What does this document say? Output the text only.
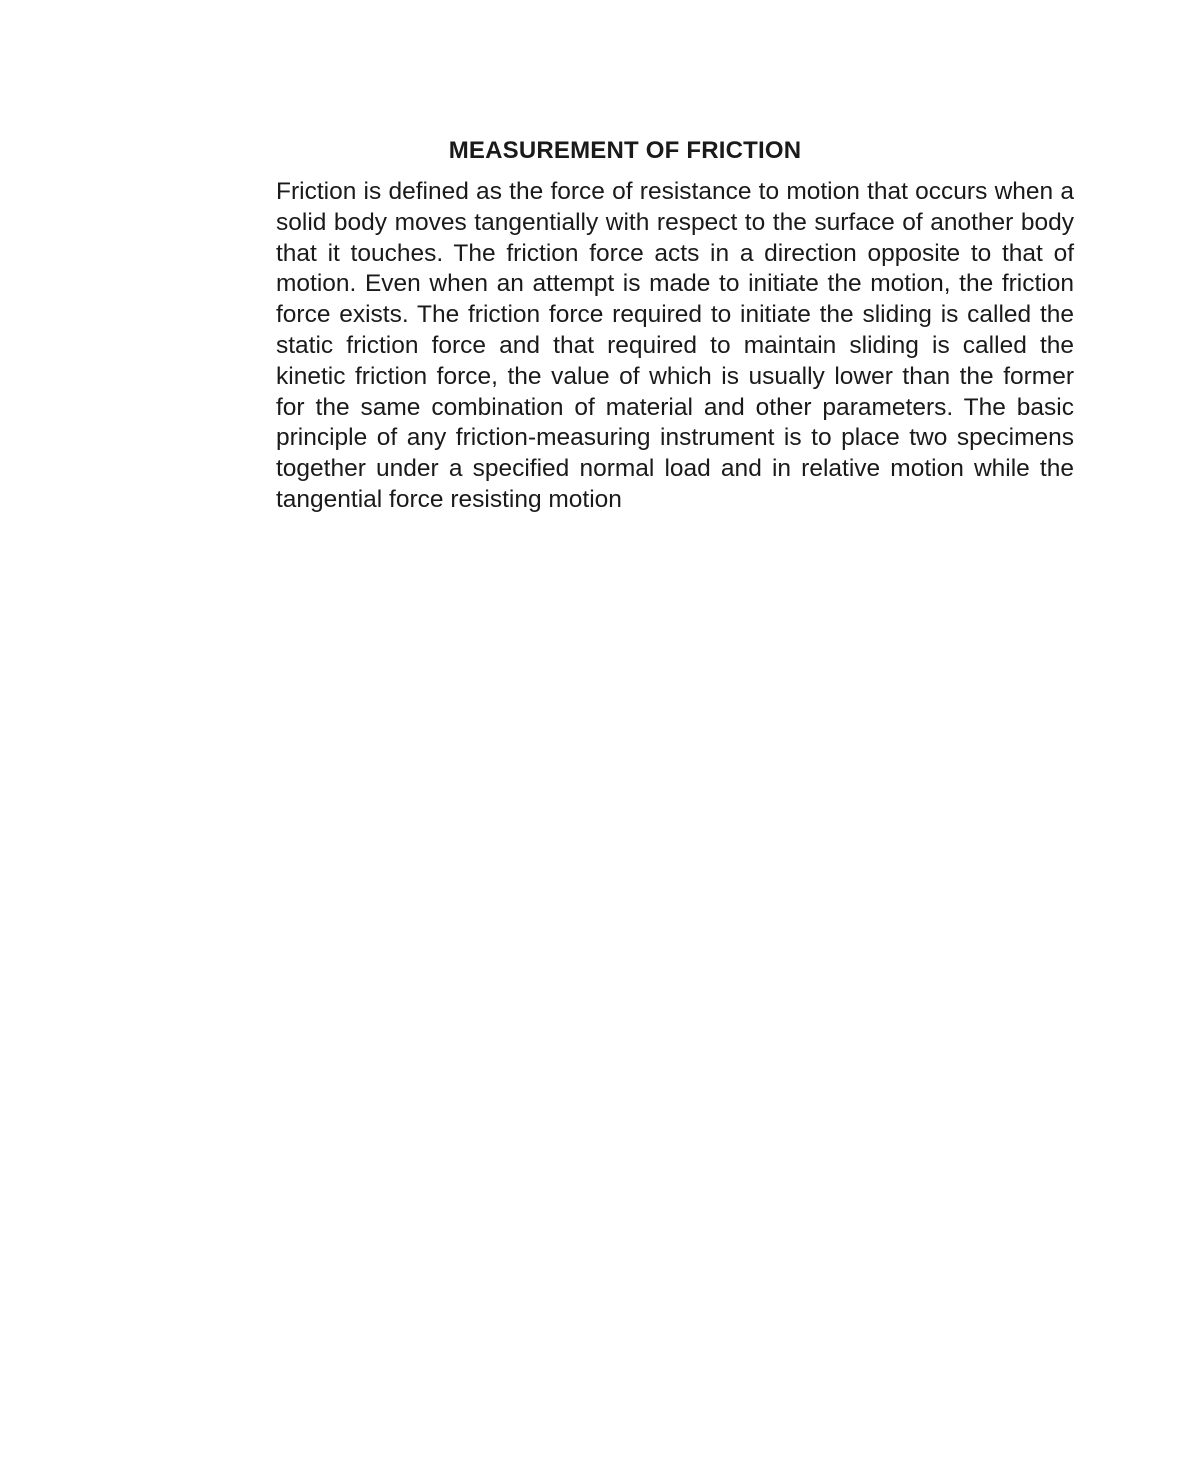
MEASUREMENT OF FRICTION

Friction is defined as the force of resistance to motion that occurs when a solid body moves tangentially with respect to the surface of another body that it touches. The friction force acts in a direction opposite to that of motion. Even when an attempt is made to initiate the motion, the friction force exists. The friction force required to initiate the sliding is called the static friction force and that required to maintain sliding is called the kinetic friction force, the value of which is usually lower than the former for the same combination of material and other parameters. The basic principle of any friction-measuring instrument is to place two specimens together under a specified normal load and in relative motion while the tangential force resisting motion
